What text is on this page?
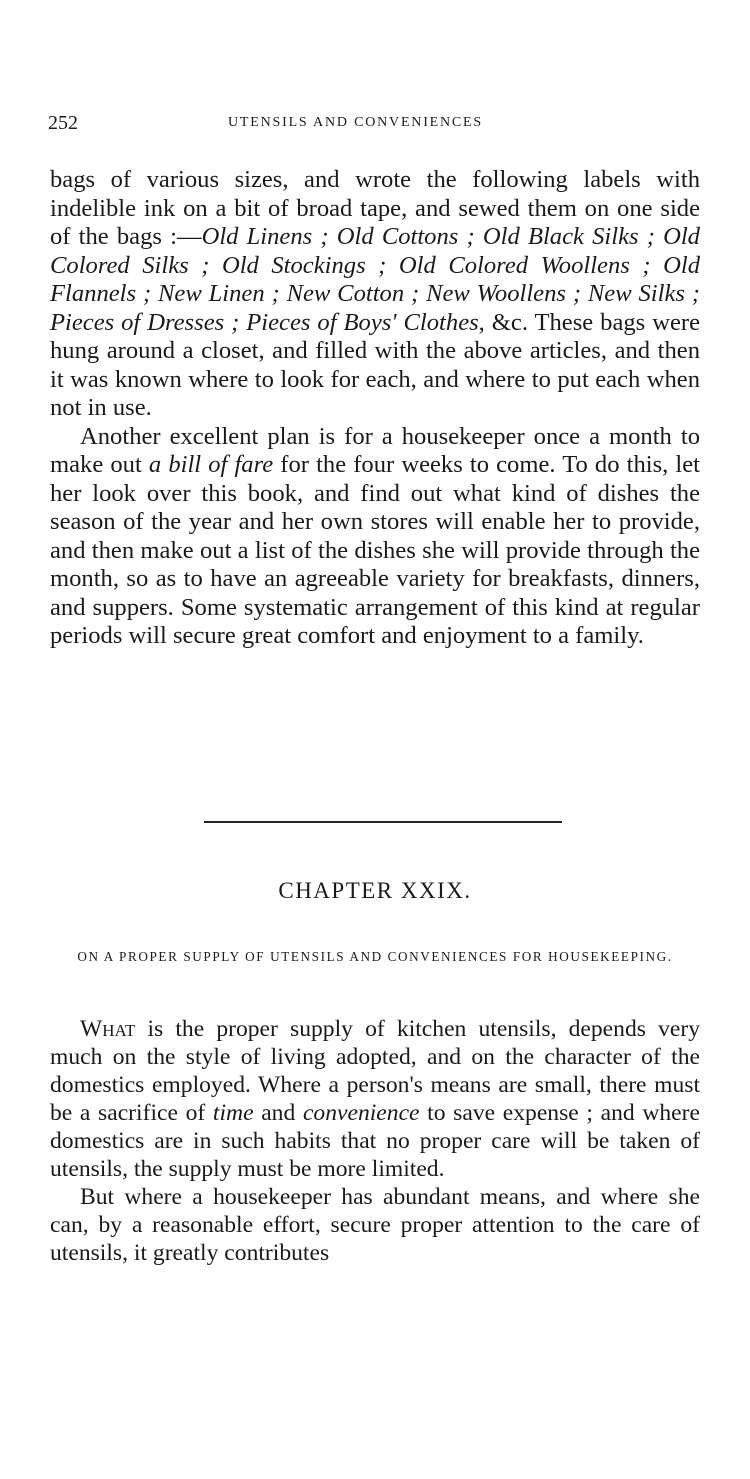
252	UTENSILS AND CONVENIENCES

bags of various sizes, and wrote the following labels with indelible ink on a bit of broad tape, and sewed them on one side of the bags :—Old Linens ; Old Cottons ; Old Black Silks ; Old Colored Silks ; Old Stockings ; Old Colored Woollens ; Old Flannels ; New Linen ; New Cotton ; New Woollens ; New Silks ; Pieces of Dresses ; Pieces of Boys' Clothes, &c. These bags were hung around a closet, and filled with the above articles, and then it was known where to look for each, and where to put each when not in use.

Another excellent plan is for a housekeeper once a month to make out a bill of fare for the four weeks to come. To do this, let her look over this book, and find out what kind of dishes the season of the year and her own stores will enable her to provide, and then make out a list of the dishes she will provide through the month, so as to have an agreeable variety for breakfasts, dinners, and suppers. Some systematic arrangement of this kind at regular periods will secure great comfort and enjoyment to a family.

CHAPTER XXIX.
ON A PROPER SUPPLY OF UTENSILS AND CONVENIENCES FOR HOUSEKEEPING.

What is the proper supply of kitchen utensils, depends very much on the style of living adopted, and on the character of the domestics employed. Where a person's means are small, there must be a sacrifice of time and convenience to save expense ; and where domestics are in such habits that no proper care will be taken of utensils, the supply must be more limited.

But where a housekeeper has abundant means, and where she can, by a reasonable effort, secure proper attention to the care of utensils, it greatly contributes
